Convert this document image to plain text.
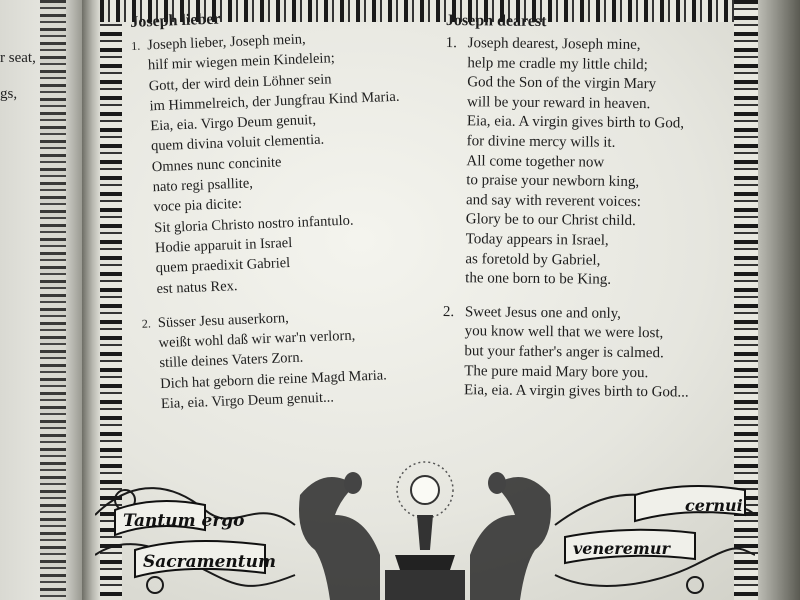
r seat,
gs,
Joseph lieber
1. Joseph lieber, Joseph mein,
hilf mir wiegen mein Kindelein;
Gott, der wird dein Löhner sein
im Himmelreich, der Jungfrau Kind Maria.
Eia, eia. Virgo Deum genuit,
quem divina voluit clementia.
Omnes nunc concinite
nato regi psallite,
voce pia dicite:
Sit gloria Christo nostro infantulo.
Hodie apparuit in Israel
quem praedixit Gabriel
est natus Rex.
2. Süsser Jesu auserkorn,
weißt wohl daß wir war'n verlorn,
stille deines Vaters Zorn.
Dich hat geborn die reine Magd Maria.
Eia, eia. Virgo Deum genuit...
Joseph dearest
1. Joseph dearest, Joseph mine,
help me cradle my little child;
God the Son of the virgin Mary
will be your reward in heaven.
Eia, eia. A virgin gives birth to God,
for divine mercy wills it.
All come together now
to praise your newborn king,
and say with reverent voices:
Glory be to our Christ child.
Today appears in Israel,
as foretold by Gabriel,
the one born to be King.
2. Sweet Jesus one and only,
you know well that we were lost,
but your father's anger is calmed.
The pure maid Mary bore you.
Eia, eia. A virgin gives birth to God...
Tantum ergo
Sacramentum
cernui
veneremur
